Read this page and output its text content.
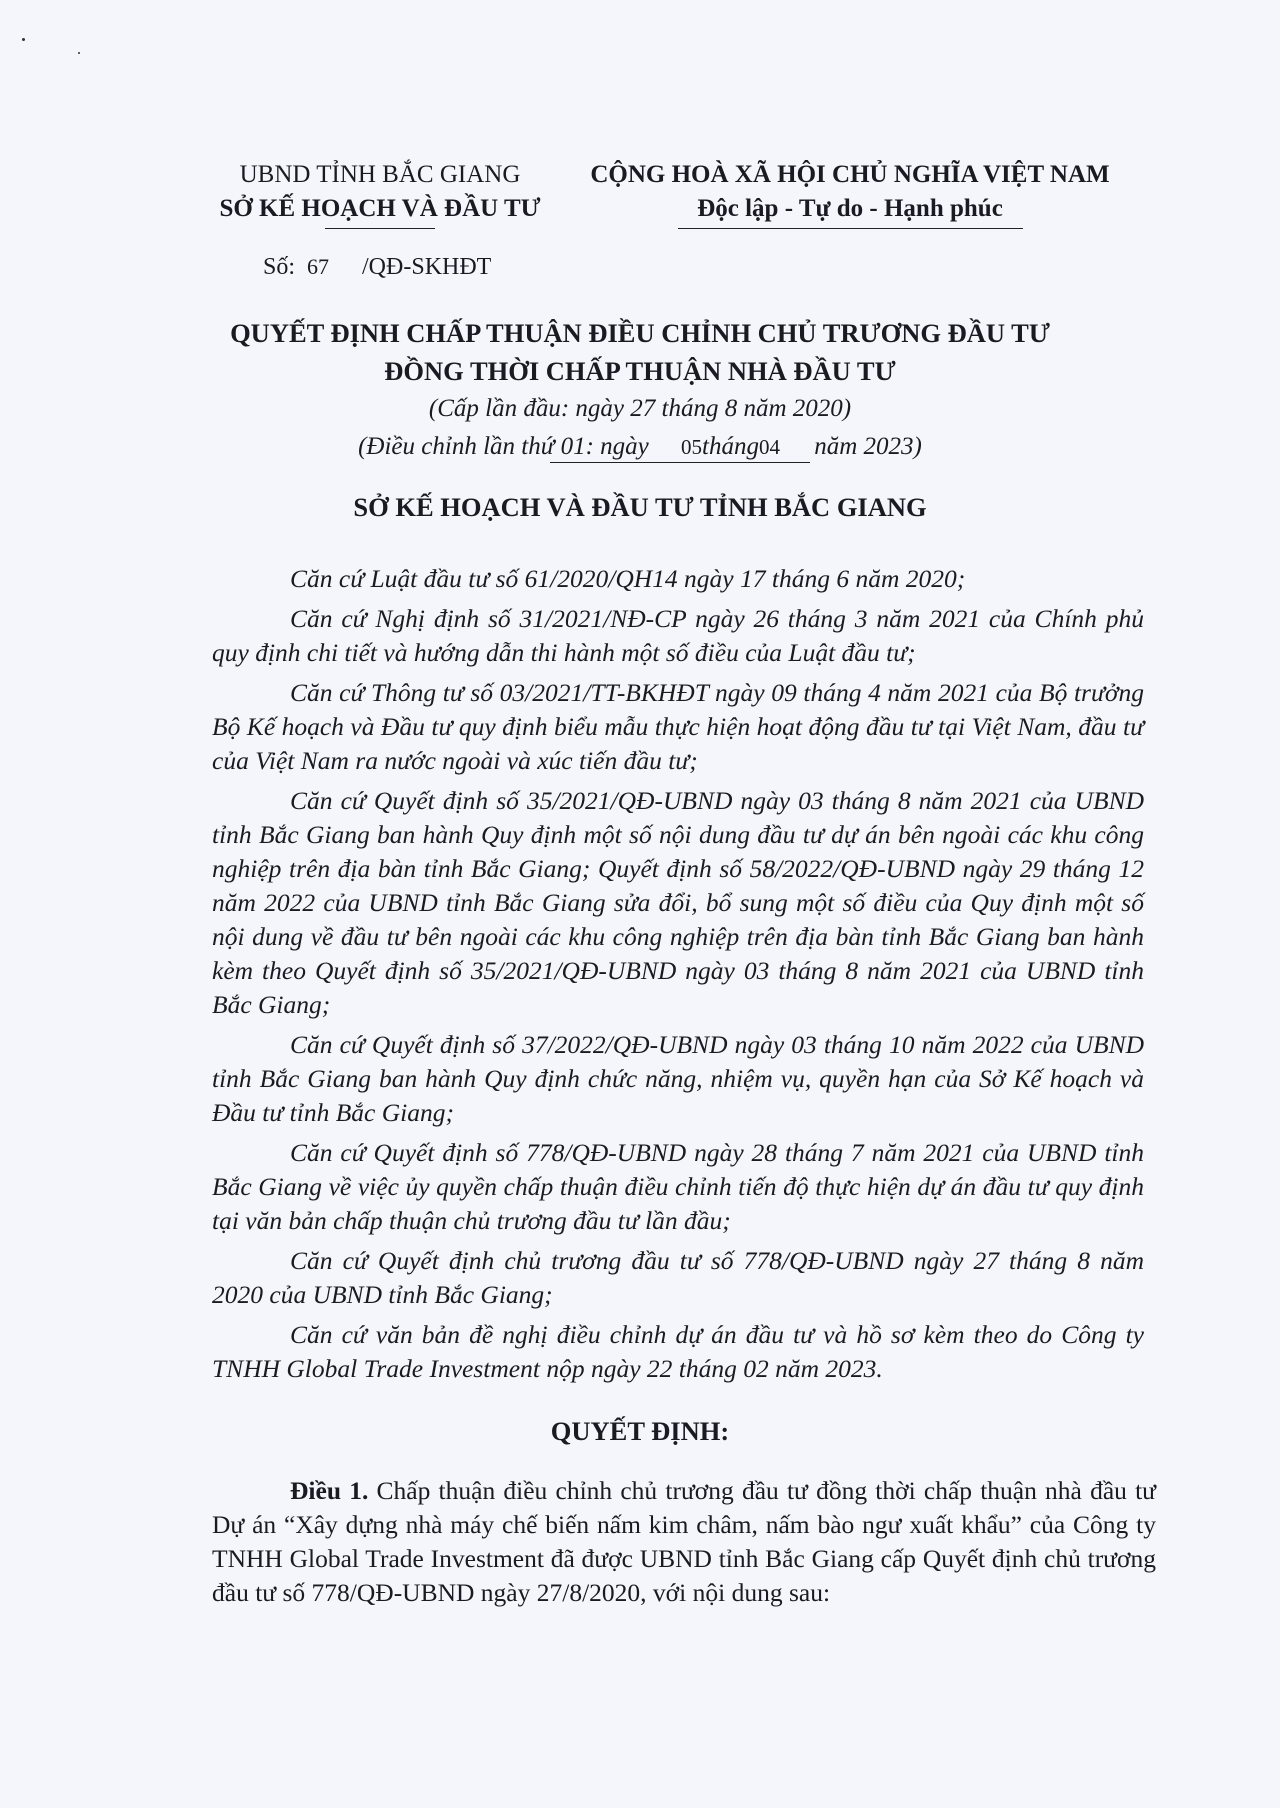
UBND TỈNH BẮC GIANG
SỞ KẾ HOẠCH VÀ ĐẦU TƯ
CỘNG HOÀ XÃ HỘI CHỦ NGHĨA VIỆT NAM
Độc lập - Tự do - Hạnh phúc
Số: 67 /QĐ-SKHĐT
QUYẾT ĐỊNH CHẤP THUẬN ĐIỀU CHỈNH CHỦ TRƯƠNG ĐẦU TƯ
ĐỒNG THỜI CHẤP THUẬN NHÀ ĐẦU TƯ
(Cấp lần đầu: ngày 27 tháng 8 năm 2020)
(Điều chỉnh lần thứ 01: ngày 05tháng04 năm 2023)
SỞ KẾ HOẠCH VÀ ĐẦU TƯ TỈNH BẮC GIANG

Căn cứ Luật đầu tư số 61/2020/QH14 ngày 17 tháng 6 năm 2020;

Căn cứ Nghị định số 31/2021/NĐ-CP ngày 26 tháng 3 năm 2021 của Chính phủ quy định chi tiết và hướng dẫn thi hành một số điều của Luật đầu tư;

Căn cứ Thông tư số 03/2021/TT-BKHĐT ngày 09 tháng 4 năm 2021 của Bộ trưởng Bộ Kế hoạch và Đầu tư quy định biểu mẫu thực hiện hoạt động đầu tư tại Việt Nam, đầu tư của Việt Nam ra nước ngoài và xúc tiến đầu tư;

Căn cứ Quyết định số 35/2021/QĐ-UBND ngày 03 tháng 8 năm 2021 của UBND tỉnh Bắc Giang ban hành Quy định một số nội dung đầu tư dự án bên ngoài các khu công nghiệp trên địa bàn tỉnh Bắc Giang; Quyết định số 58/2022/QĐ-UBND ngày 29 tháng 12 năm 2022 của UBND tỉnh Bắc Giang sửa đổi, bổ sung một số điều của Quy định một số nội dung về đầu tư bên ngoài các khu công nghiệp trên địa bàn tỉnh Bắc Giang ban hành kèm theo Quyết định số 35/2021/QĐ-UBND ngày 03 tháng 8 năm 2021 của UBND tỉnh Bắc Giang;

Căn cứ Quyết định số 37/2022/QĐ-UBND ngày 03 tháng 10 năm 2022 của UBND tỉnh Bắc Giang ban hành Quy định chức năng, nhiệm vụ, quyền hạn của Sở Kế hoạch và Đầu tư tỉnh Bắc Giang;

Căn cứ Quyết định số 778/QĐ-UBND ngày 28 tháng 7 năm 2021 của UBND tỉnh Bắc Giang về việc ủy quyền chấp thuận điều chỉnh tiến độ thực hiện dự án đầu tư quy định tại văn bản chấp thuận chủ trương đầu tư lần đầu;

Căn cứ Quyết định chủ trương đầu tư số 778/QĐ-UBND ngày 27 tháng 8 năm 2020 của UBND tỉnh Bắc Giang;

Căn cứ văn bản đề nghị điều chỉnh dự án đầu tư và hồ sơ kèm theo do Công ty TNHH Global Trade Investment nộp ngày 22 tháng 02 năm 2023.

QUYẾT ĐỊNH:
Điều 1. Chấp thuận điều chỉnh chủ trương đầu tư đồng thời chấp thuận nhà đầu tư Dự án “Xây dựng nhà máy chế biến nấm kim châm, nấm bào ngư xuất khẩu” của Công ty TNHH Global Trade Investment đã được UBND tỉnh Bắc Giang cấp Quyết định chủ trương đầu tư số 778/QĐ-UBND ngày 27/8/2020, với nội dung sau:
